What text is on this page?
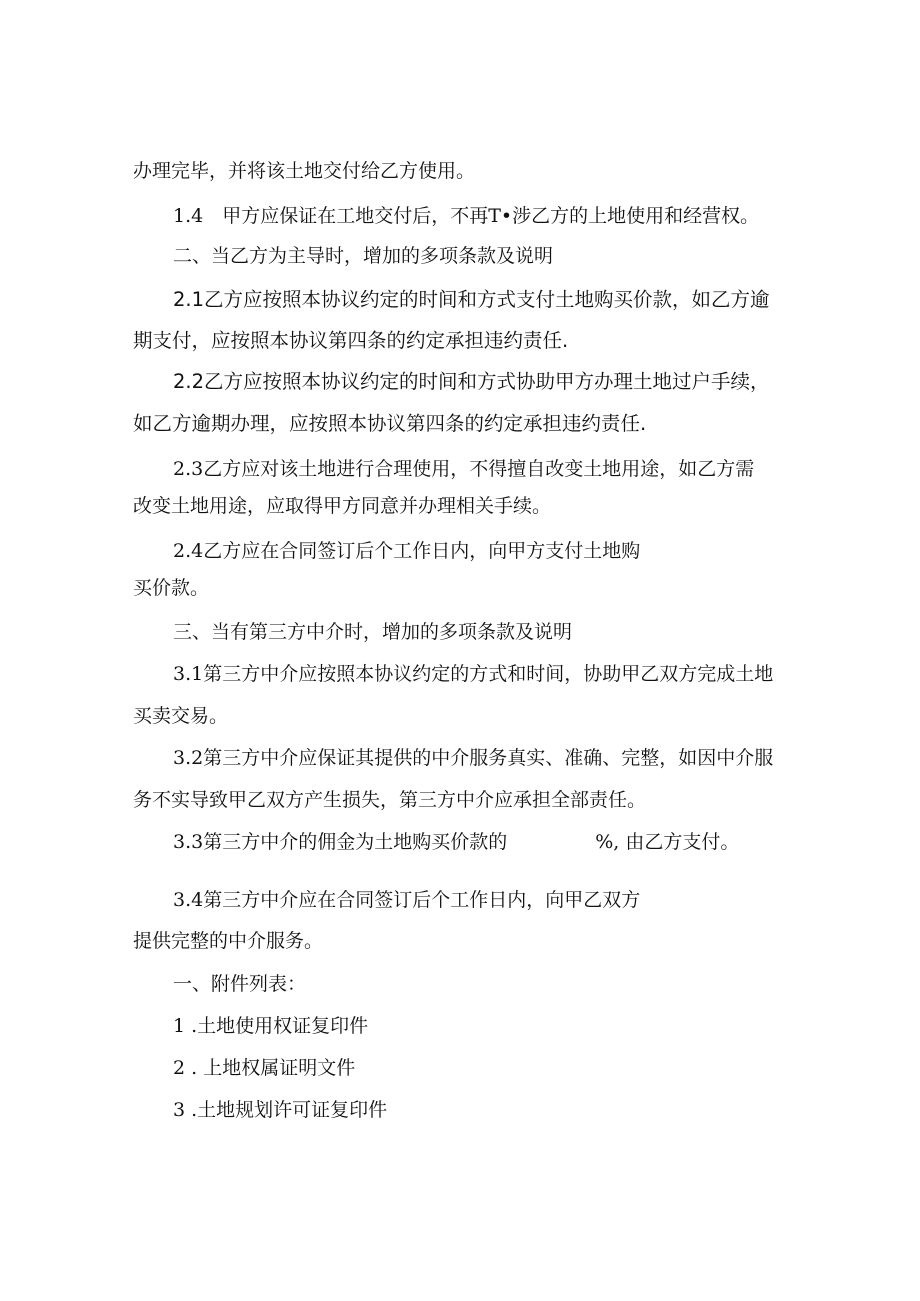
办理完毕，并将该土地交付给乙方使用。
1.4　甲方应保证在工地交付后，不再T•涉乙方的上地使用和经营权。
二、当乙方为主导时，增加的多项条款及说明
2.1乙方应按照本协议约定的时间和方式支付土地购买价款，如乙方逾
期支付，应按照本协议第四条的约定承担违约责任.
2.2乙方应按照本协议约定的时间和方式协助甲方办理土地过户手续，
如乙方逾期办理，应按照本协议第四条的约定承担违约责任.
2.3乙方应对该土地进行合理使用，不得擅自改变土地用途，如乙方需
改变土地用途，应取得甲方同意并办理相关手续。
2.4乙方应在合同签订后个工作日内，向甲方支付土地购
买价款。
三、当有第三方中介时，增加的多项条款及说明
3.1第三方中介应按照本协议约定的方式和时间，协助甲乙双方完成土地
买卖交易。
3.2第三方中介应保证其提供的中介服务真实、准确、完整，如因中介服
务不实导致甲乙双方产生损失，第三方中介应承担全部责任。
3.3第三方中介的佣金为土地购买价款的	%, 由乙方支付。
3.4第三方中介应在合同签订后个工作日内，向甲乙双方
提供完整的中介服务。
一、附件列表：
1 .土地使用权证复印件
2 . 上地权属证明文件
3 .土地规划许可证复印件
